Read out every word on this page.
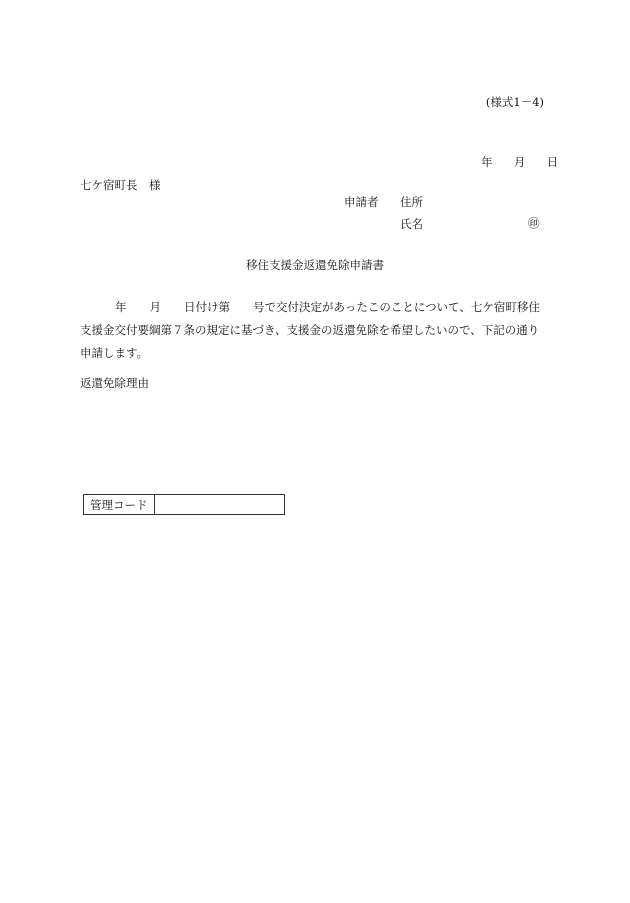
(様式1－4)
年 月 日
七ケ宿町長　様
申請者 住所
氏名	㊞
移住支援金返還免除申請書
年　　月　　日付け第　　号で交付決定があったこのことについて、七ケ宿町移住
支援金交付要綱第７条の規定に基づき、支援金の返還免除を希望したいので、下記の通り
申請します。
返還免除理由
管理コード	
